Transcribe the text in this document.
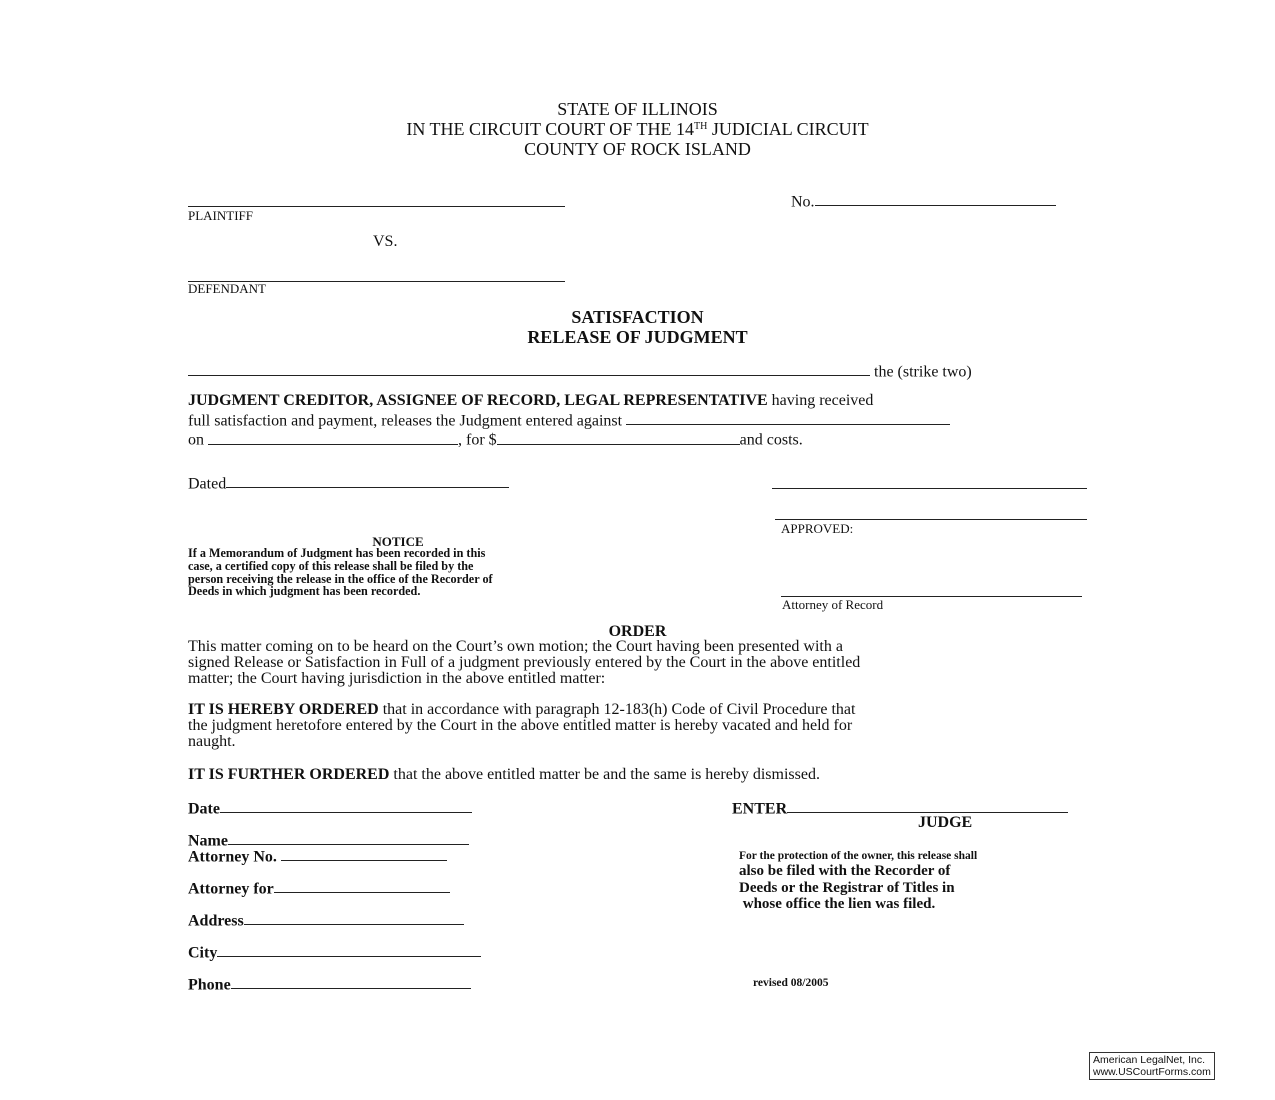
STATE OF ILLINOIS
IN THE CIRCUIT COURT OF THE 14TH JUDICIAL CIRCUIT
COUNTY OF ROCK ISLAND
PLAINTIFF
No.
VS.
DEFENDANT
SATISFACTION
RELEASE OF JUDGMENT
the (strike two)
JUDGMENT CREDITOR, ASSIGNEE OF RECORD, LEGAL REPRESENTATIVE having received
full satisfaction and payment, releases the Judgment entered against
on	, for $	and costs.
Dated
APPROVED:
NOTICE
If a Memorandum of Judgment has been recorded in this
case, a certified copy of this release shall be filed by the
person receiving the release in the office of the Recorder of
Deeds in which judgment has been recorded.
Attorney of Record
ORDER
This matter coming on to be heard on the Court’s own motion; the Court having been presented with a
signed Release or Satisfaction in Full of a judgment previously entered by the Court in the above entitled
matter; the Court having jurisdiction in the above entitled matter:
IT IS HEREBY ORDERED that in accordance with paragraph 12-183(h) Code of Civil Procedure that
the judgment heretofore entered by the Court in the above entitled matter is hereby vacated and held for
naught.
IT IS FURTHER ORDERED that the above entitled matter be and the same is hereby dismissed.
Date
Name
Attorney No.
Attorney for
Address
City
Phone
ENTER
JUDGE
For the protection of the owner, this release shall
also be filed with the Recorder of
Deeds or the Registrar of Titles in
whose office the lien was filed.
revised 08/2005
American LegalNet, Inc.
www.USCourtForms.com
